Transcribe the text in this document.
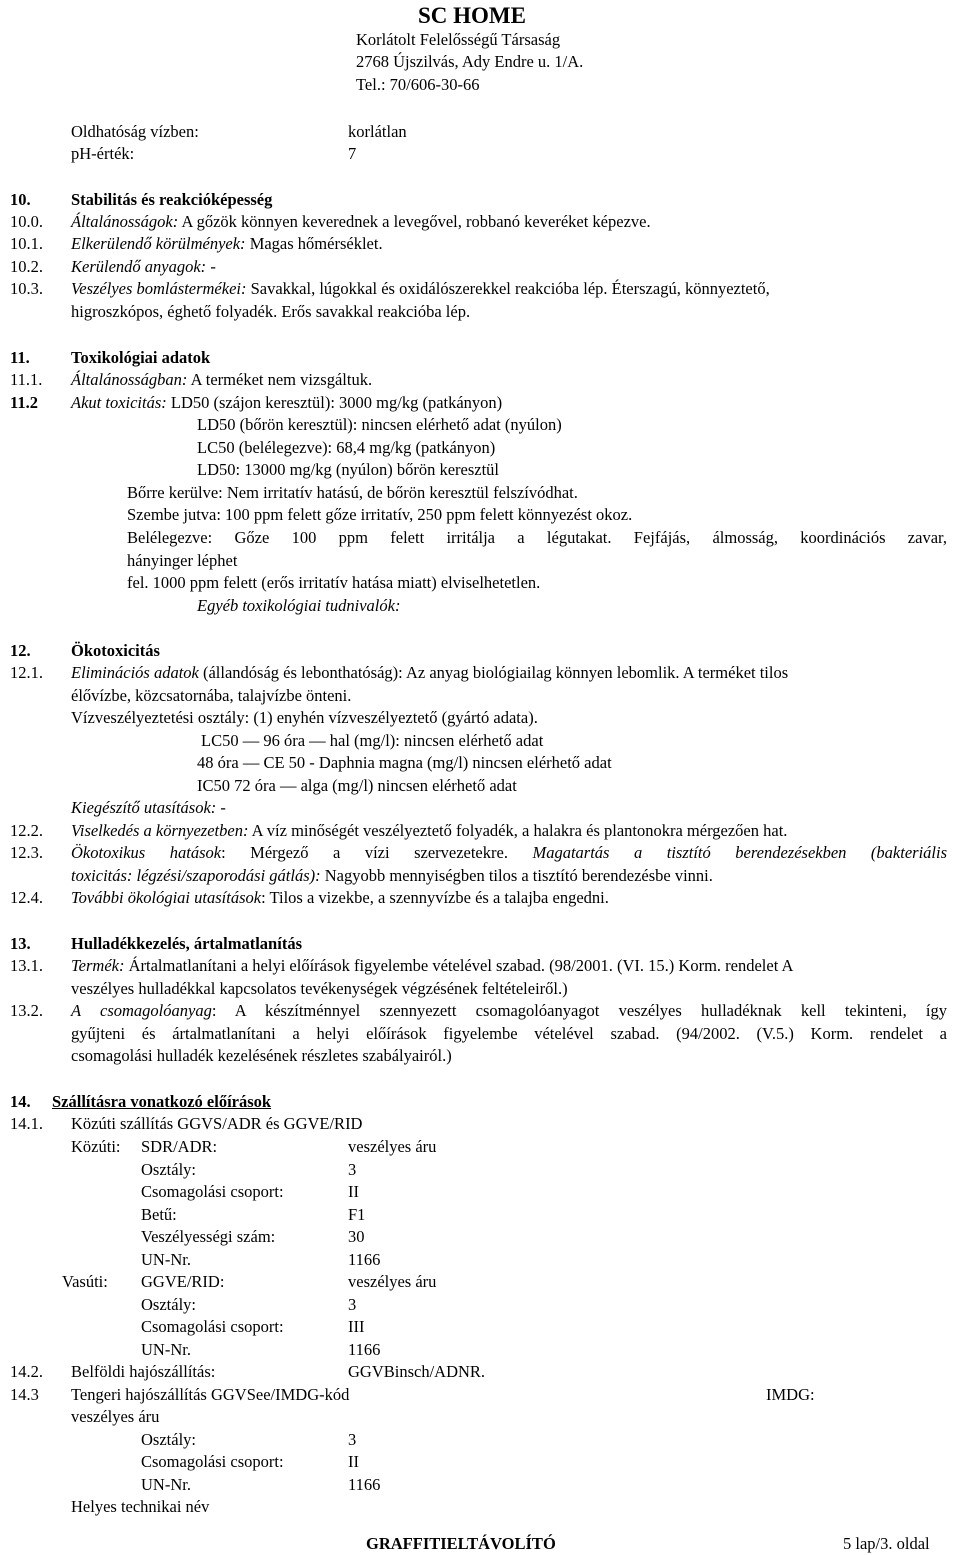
SC HOME
Korlátolt Felelősségű Társaság
2768 Újszilvás, Ady Endre u. 1/A.
Tel.: 70/606-30-66
Oldhatóság vízben:	korlátlan
pH-érték:	7
10. Stabilitás és reakcióképesség
10.0. Általánosságok: A gőzök könnyen keverednek a levegővel, robbanó keveréket képezve.
10.1. Elkerülendő körülmények: Magas hőmérséklet.
10.2. Kerülendő anyagok: -
10.3. Veszélyes bomlástermékei: Savakkal, lúgokkal és oxidálószerekkel reakcióba lép. Éterszagú, könnyeztető,
higroszkópos, éghető folyadék. Erős savakkal reakcióba lép.
11.	Toxikológiai adatok
11.1. Általánosságban: A terméket nem vizsgáltuk.
11.2 Akut toxicitás: LD50 (szájon keresztül): 3000 mg/kg (patkányon)
LD50 (bőrön keresztül): nincsen elérhető adat (nyúlon)
LC50 (belélegezve): 68,4 mg/kg (patkányon)
LD50: 13000 mg/kg (nyúlon) bőrön keresztül
Bőrre kerülve: Nem irritatív hatású, de bőrön keresztül felszívódhat.
Szembe jutva: 100 ppm felett gőze irritatív, 250 ppm felett könnyezést okoz.
Belélegezve: Gőze 100 ppm felett irritálja a légutakat. Fejfájás, álmosság, koordinációs zavar,
hányinger léphet
fel. 1000 ppm felett (erős irritatív hatása miatt) elviselhetetlen.
Egyéb toxikológiai tudnivalók:
12. Ökotoxicitás
12.1. Eliminációs adatok (állandóság és lebonthatóság): Az anyag biológiailag könnyen lebomlik. A terméket tilos
élővízbe, közcsatornába, talajvízbe önteni.
Vízveszélyeztetési osztály: (1) enyhén vízveszélyeztető (gyártó adata).
LC50 — 96 óra — hal (mg/l): nincsen elérhető adat
48 óra — CE 50 - Daphnia magna (mg/l) nincsen elérhető adat
IC50 72 óra — alga (mg/l) nincsen elérhető adat
Kiegészítő utasítások: -
12.2. Viselkedés a környezetben: A víz minőségét veszélyeztető folyadék, a halakra és plantonokra mérgezően hat.
12.3. Ökotoxikus hatások: Mérgező a vízi szervezetekre. Magatartás a tisztító berendezésekben (bakteriális
toxicitás: légzési/szaporodási gátlás): Nagyobb mennyiségben tilos a tisztító berendezésbe vinni.
12.4. További ökológiai utasítások: Tilos a vizekbe, a szennyvízbe és a talajba engedni.
13. Hulladékkezelés, ártalmatlanítás
13.1. Termék: Ártalmatlanítani a helyi előírások figyelembe vételével szabad. (98/2001. (VI. 15.) Korm. rendelet A
veszélyes hulladékkal kapcsolatos tevékenységek végzésének feltételeiről.)
13.2. A csomagolóanyag: A készítménnyel szennyezett csomagolóanyagot veszélyes hulladéknak kell tekinteni, így
gyűjteni és ártalmatlanítani a helyi előírások figyelembe vételével szabad. (94/2002. (V.5.) Korm. rendelet a
csomagolási hulladék kezelésének részletes szabályairól.)
14. Szállításra vonatkozó előírások
14.1. Közúti szállítás GGVS/ADR és GGVE/RID
Közúti: SDR/ADR:	veszélyes áru
Osztály:	3
Csomagolási csoport:	II
Betű:	F1
Veszélyességi szám:	30
UN-Nr.	1166
Vasúti: GGVE/RID:	veszélyes áru
Osztály:	3
Csomagolási csoport:	III
UN-Nr.	1166
14.2. Belföldi hajószállítás:	GGVBinsch/ADNR.
14.3 Tengeri hajószállítás GGVSee/IMDG-kód	IMDG:
veszélyes áru
Osztály:	3
Csomagolási csoport:	II
UN-Nr.	1166
Helyes technikai név
GRAFFITIELTÁVOLÍTÓ	5 lap/3. oldal
